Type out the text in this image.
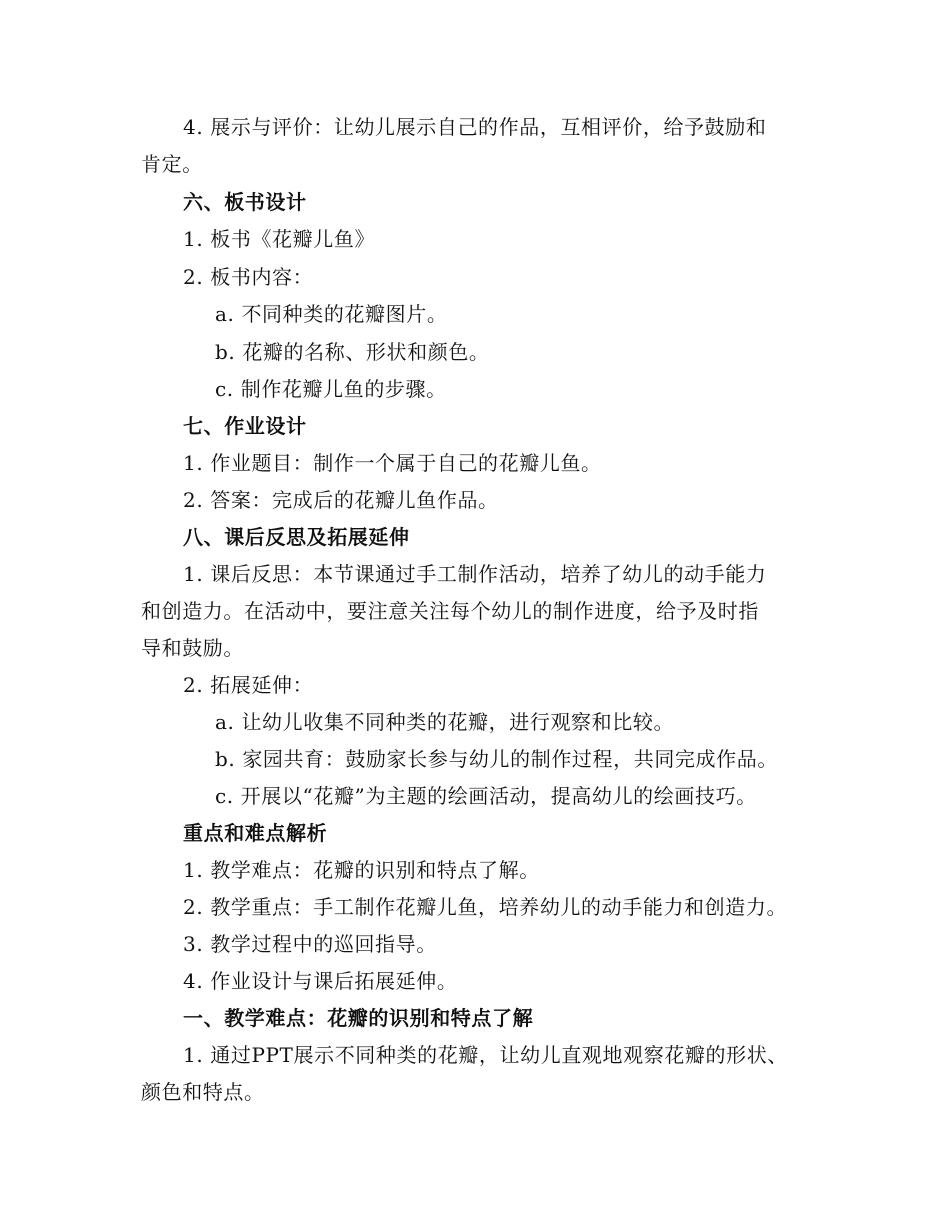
4. 展示与评价：让幼儿展示自己的作品，互相评价，给予鼓励和
肯定。
六、板书设计
1. 板书《花瓣儿鱼》
2. 板书内容：
a. 不同种类的花瓣图片。
b. 花瓣的名称、形状和颜色。
c. 制作花瓣儿鱼的步骤。
七、作业设计
1. 作业题目：制作一个属于自己的花瓣儿鱼。
2. 答案：完成后的花瓣儿鱼作品。
八、课后反思及拓展延伸
1. 课后反思：本节课通过手工制作活动，培养了幼儿的动手能力
和创造力。在活动中，要注意关注每个幼儿的制作进度，给予及时指
导和鼓励。
2. 拓展延伸：
a. 让幼儿收集不同种类的花瓣，进行观察和比较。
b. 家园共育：鼓励家长参与幼儿的制作过程，共同完成作品。
c. 开展以“花瓣”为主题的绘画活动，提高幼儿的绘画技巧。
重点和难点解析
1. 教学难点：花瓣的识别和特点了解。
2. 教学重点：手工制作花瓣儿鱼，培养幼儿的动手能力和创造力。
3. 教学过程中的巡回指导。
4. 作业设计与课后拓展延伸。
一、教学难点：花瓣的识别和特点了解
1. 通过PPT展示不同种类的花瓣，让幼儿直观地观察花瓣的形状、
颜色和特点。
